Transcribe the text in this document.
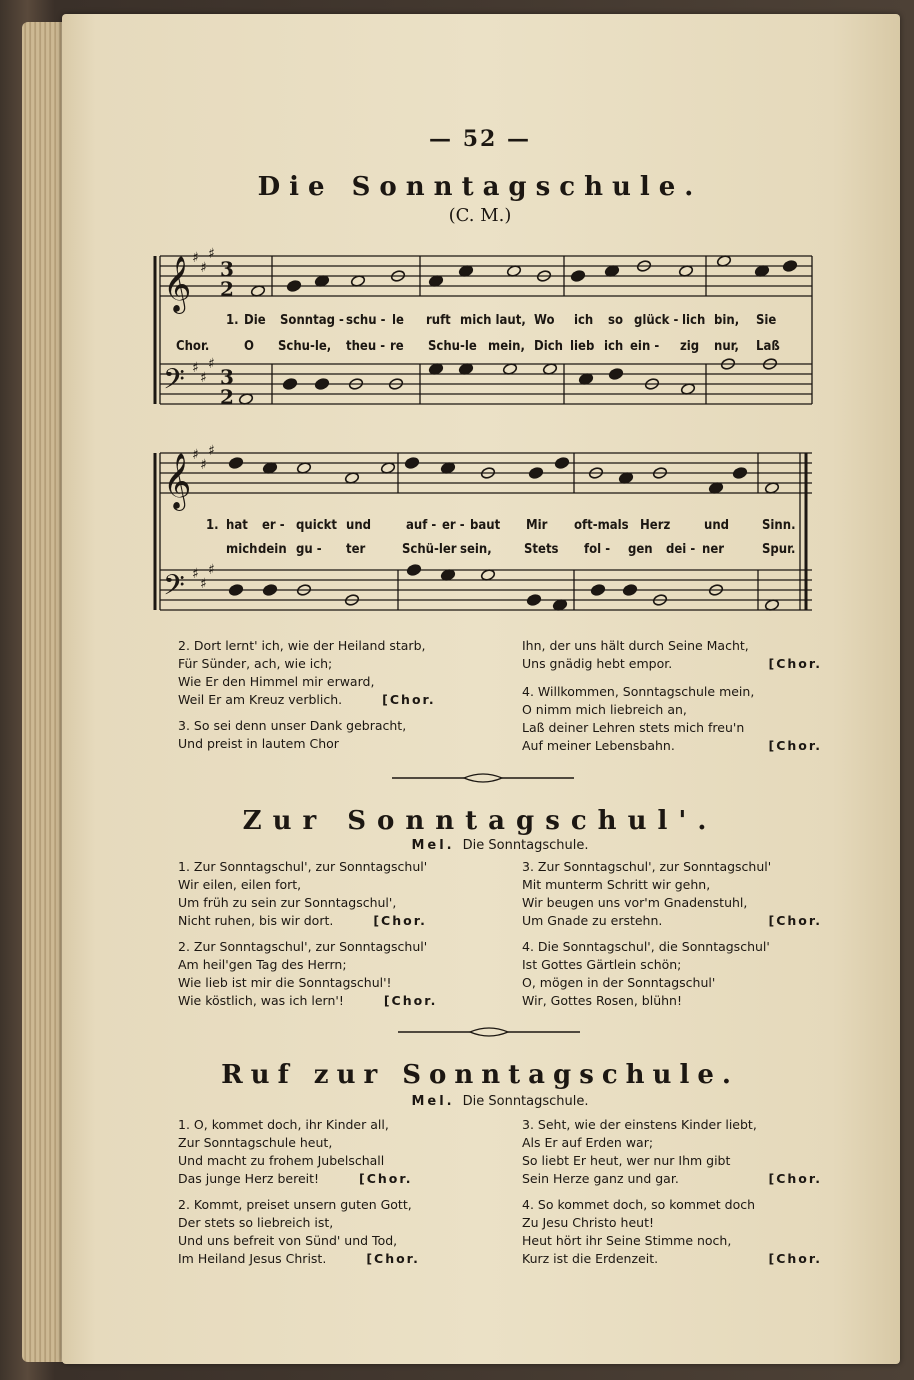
𝄞
𝄞
𝄢
𝄢
♯
♯
♯
♯
♯
♯
♯
♯
♯
♯
♯
♯
3
2
3
2
— 52 —
Die Sonntagschule.
(C. M.)
1. Die Sonntag - schu - le ruft mich laut, Wo ich so glück - lich bin, Sie
Chor.	O Schu-le, theu - re Schu-le mein, Dich lieb ich ein - zig nur, Laß
1. hat er - quickt und	auf - er - baut Mir oft-mals Herz	und	Sinn.
mich dein gu - ter	Schü-ler sein, Stets fol - gen dei - ner	Spur.
2. Dort lernt' ich, wie der Heiland starb,
Für Sünder, ach, wie ich;
Wie Er den Himmel mir erward,
Weil Er am Kreuz verblich.	[Chor.
3. So sei denn unser Dank gebracht,
Und preist in lautem Chor
Ihn, der uns hält durch Seine Macht,
Uns gnädig hebt empor.	[Chor.
4. Willkommen, Sonntagschule mein,
O nimm mich liebreich an,
Laß deiner Lehren stets mich freu'n
Auf meiner Lebensbahn.	[Chor.
Zur Sonntagschul'.
Mel. Die Sonntagschule.
1. Zur Sonntagschul', zur Sonntagschul'
Wir eilen, eilen fort,
Um früh zu sein zur Sonntagschul',
Nicht ruhen, bis wir dort.	[Chor.
2. Zur Sonntagschul', zur Sonntagschul'
Am heil'gen Tag des Herrn;
Wie lieb ist mir die Sonntagschul'!
Wie köstlich, was ich lern'!	[Chor.
3. Zur Sonntagschul', zur Sonntagschul'
Mit munterm Schritt wir gehn,
Wir beugen uns vor'm Gnadenstuhl,
Um Gnade zu erstehn.	[Chor.
4. Die Sonntagschul', die Sonntagschul'
Ist Gottes Gärtlein schön;
O, mögen in der Sonntagschul'
Wir, Gottes Rosen, blühn!
Ruf zur Sonntagschule.
Mel. Die Sonntagschule.
1. O, kommet doch, ihr Kinder all,
Zur Sonntagschule heut,
Und macht zu frohem Jubelschall
Das junge Herz bereit!	[Chor.
2. Kommt, preiset unsern guten Gott,
Der stets so liebreich ist,
Und uns befreit von Sünd' und Tod,
Im Heiland Jesus Christ.	[Chor.
3. Seht, wie der einstens Kinder liebt,
Als Er auf Erden war;
So liebt Er heut, wer nur Ihm gibt
Sein Herze ganz und gar.	[Chor.
4. So kommet doch, so kommet doch
Zu Jesu Christo heut!
Heut hört ihr Seine Stimme noch,
Kurz ist die Erdenzeit.	[Chor.
